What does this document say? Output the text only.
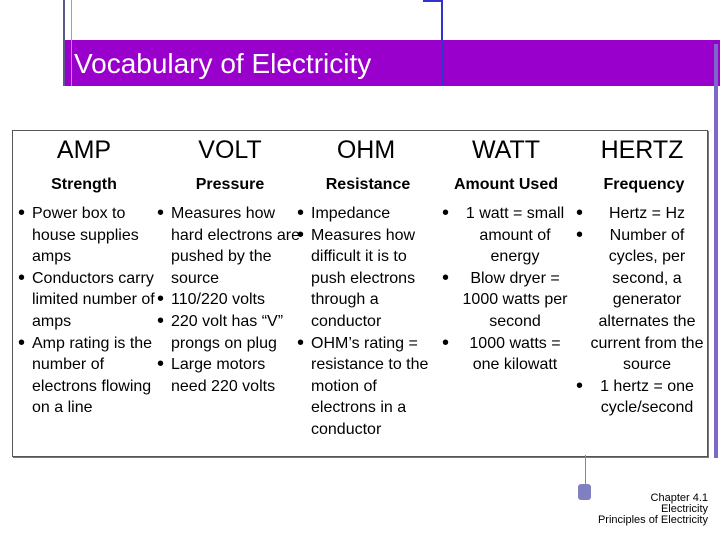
Vocabulary of Electricity
AMP
Strength
• Power box to house supplies amps
• Conductors carry limited number of amps
• Amp rating is the number of electrons flowing on a line
VOLT
Pressure
• Measures how hard electrons are pushed by the source
• 110/220 volts
• 220 volt has “V” prongs on plug
• Large motors need 220 volts
OHM
Resistance
• Impedance
• Measures how difficult it is to push electrons through a conductor
• OHM’s rating = resistance to the motion of electrons in a conductor
WATT
Amount Used
• 1 watt = small amount of energy
• Blow dryer = 1000 watts per second
• 1000 watts = one kilowatt
HERTZ
Frequency
• Hertz = Hz
• Number of cycles, per second, a generator alternates the current from the source
• 1 hertz = one cycle/second
Chapter 4.1
Electricity
Principles of Electricity
